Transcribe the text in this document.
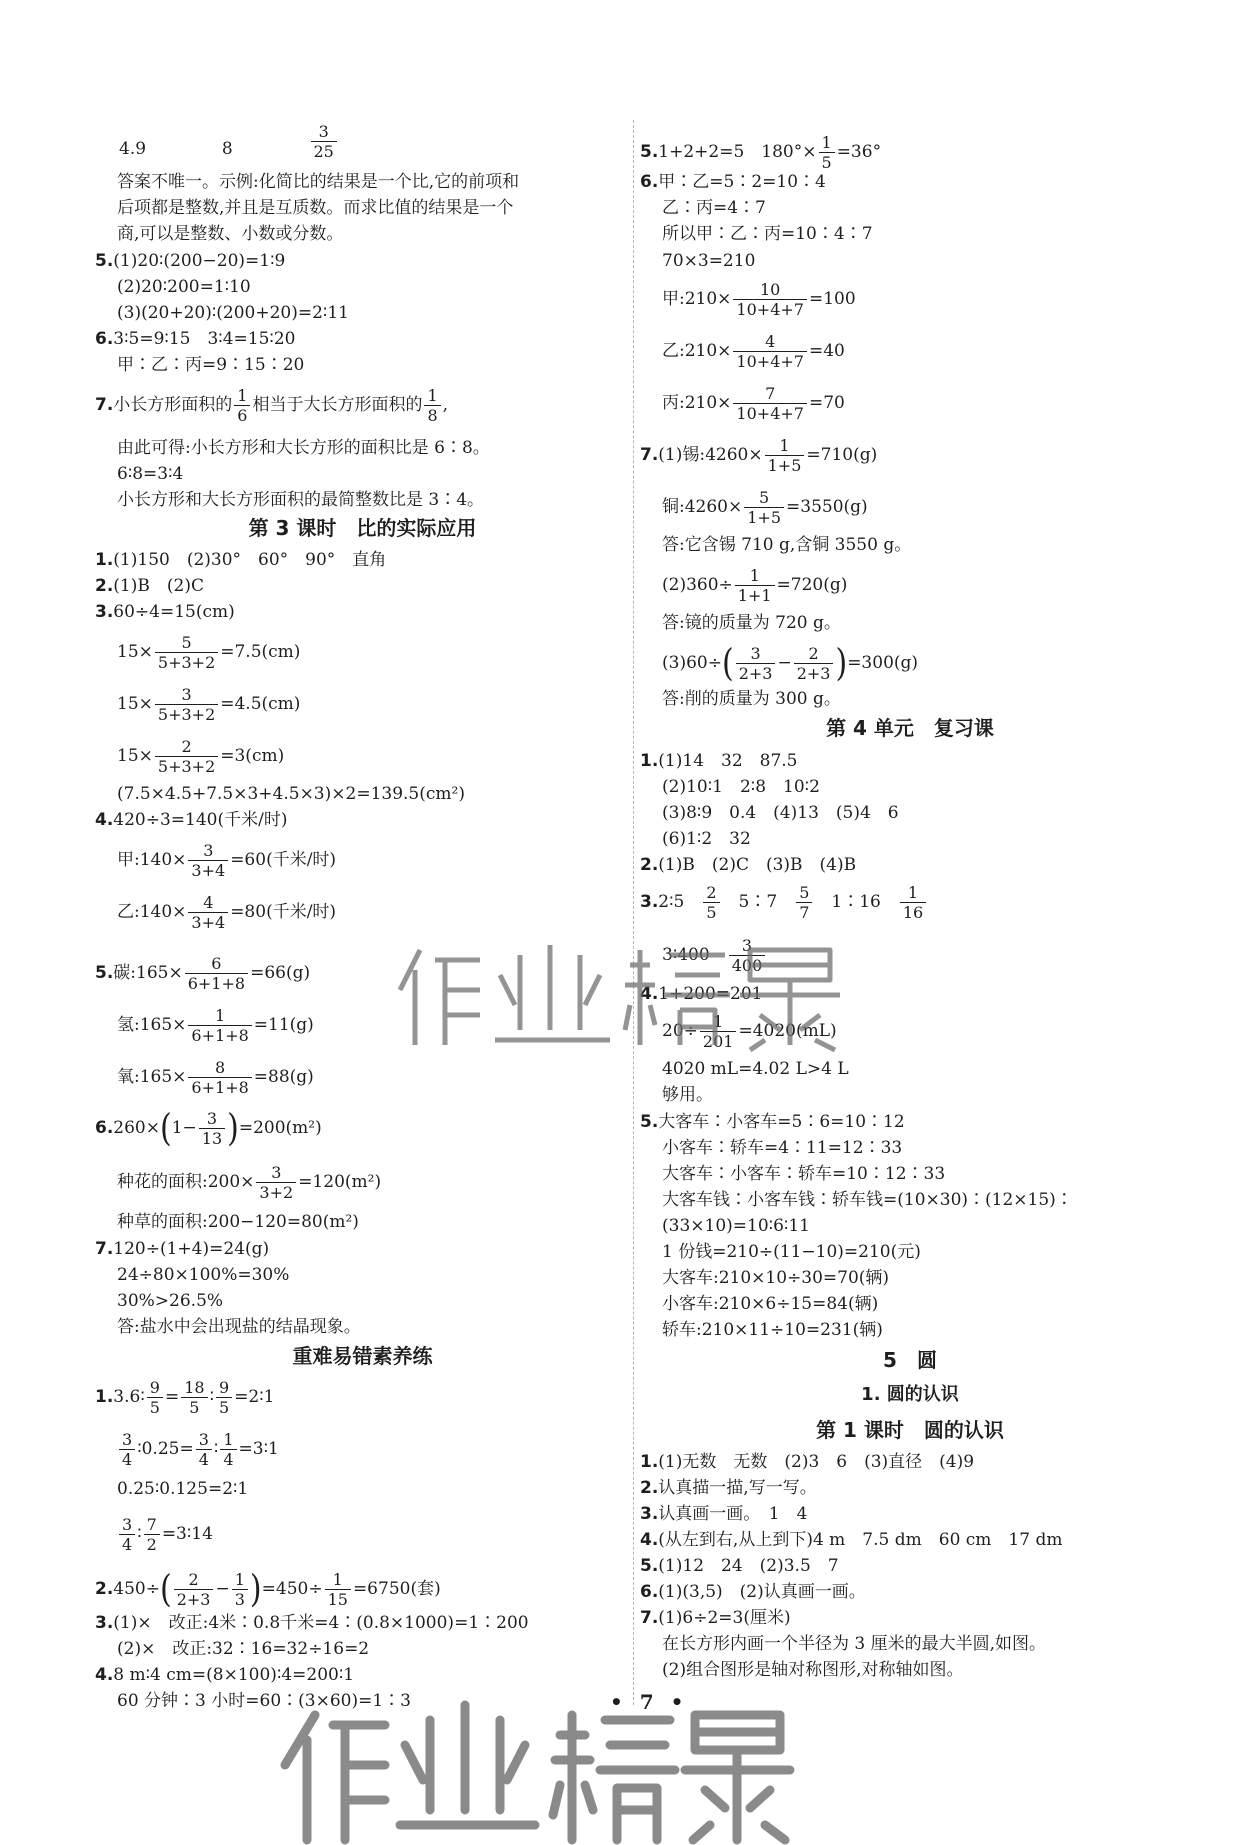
4.9	8	$\frac{3}{25}$
答案不唯一。示例:化简比的结果是一个比,它的前项和
后项都是整数,并且是互质数。而求比值的结果是一个
商,可以是整数、小数或分数。
5.(1)20∶(200−20)=1∶9
(2)20∶200=1∶10
(3)(20+20)∶(200+20)=2∶11
6.3∶5=9∶15　3∶4=15∶20
甲∶乙∶丙=9∶15∶20
7.小长方形面积的 $\frac{1}{6}$ 相当于大长方形面积的 $\frac{1}{8}$ ,
由此可得:小长方形和大长方形的面积比是 6∶8。
6∶8=3∶4
小长方形和大长方形面积的最简整数比是 3∶4。
第 3 课时　比的实际应用
1.(1)150　(2)30°　60°　90°　直角
2.(1)B　(2)C
3.60÷4=15(cm)
$15\times \frac{5}{5+3+2} =7.5(cm)$
$15\times \frac{3}{5+3+2} =4.5(cm)$
$15\times \frac{2}{5+3+2} =3(cm)$
(7.5×4.5+7.5×3+4.5×3)×2=139.5(cm²)
4.420÷3=140(千米/时)
甲:140× $\frac{3}{3+4} =60$(千米/时)
乙:140× $\frac{4}{3+4} =80$(千米/时)
5.碳:165× $\frac{6}{6+1+8} =66(g)$
氢:165× $\frac{1}{6+1+8} =11(g)$
氧:165× $\frac{8}{6+1+8} =88(g)$
$6.260\times(1- \frac{3}{13} )=200(m^2)$
种花的面积:200× $\frac{3}{3+2} =120(m^2)$
种草的面积:200−120=80(m²)
7.120÷(1+4)=24(g)
24÷80×100%=30%
30%>26.5%
答:盐水中会出现盐的结晶现象。
重难易错素养练
1.3.6∶ $\frac{9}{5} = \frac{18}{5}$ ∶ $\frac{9}{5}$ =2∶1
$\frac{3}{4}$ ∶0.25= $\frac{3}{4}$ ∶ $\frac{1}{4}$ =3∶1
0.25∶0.125=2∶1
$\frac{3}{4}$ ∶ $\frac{7}{2}$ =3∶14
$2.450\div( \frac{2}{2+3} - \frac{1}{3} )=450\div \frac{1}{15} =6750$(套)
3.(1)×　改正:4米∶0.8千米=4∶(0.8×1000)=1∶200
(2)×　改正:32∶16=32÷16=2
4.8 m∶4 cm=(8×100)∶4=200∶1
60 分钟∶3 小时=60∶(3×60)=1∶3
5.1+2+2=5　$180^\circ\times \frac{1}{5} =36^\circ$
6.甲∶乙=5∶2=10∶4
乙∶丙=4∶7
所以甲∶乙∶丙=10∶4∶7
70×3=210
甲:210× $\frac{10}{10+4+7} =100$
乙:210× $\frac{4}{10+4+7} =40$
丙:210× $\frac{7}{10+4+7} =70$
7.(1)锡:4260× $\frac{1}{1+5} =710(g)$
铜:4260× $\frac{5}{1+5} =3550(g)$
答:它含锡 710 g,含铜 3550 g。
$(2)360\div \frac{1}{1+1} =720(g)$
答:镜的质量为 720 g。
$(3)60\div( \frac{3}{2+3} - \frac{2}{2+3} )=300(g)$
答:削的质量为 300 g。
第 4 单元　复习课
1.(1)14　32　87.5
(2)10∶1　2∶8　10∶2
(3)8∶9　0.4　(4)13　(5)4　6
(6)1∶2　32
2.(1)B　(2)C　(3)B　(4)B
3.2∶5　 $\frac{2}{5}$
　 5∶7　 $\frac{5}{7}$
　 1∶16　 $\frac{1}{16}$
3∶400　 $\frac{3}{400}$
4.1+200=201
$20\div \frac{1}{201} =4020(mL)$
4020 mL=4.02 L>4 L
够用。
5.大客车∶小客车=5∶6=10∶12
小客车∶轿车=4∶11=12∶33
大客车∶小客车∶轿车=10∶12∶33
大客车钱∶小客车钱∶轿车钱=(10×30)∶(12×15)∶
(33×10)=10∶6∶11
1 份钱=210÷(11−10)=210(元)
大客车:210×10÷30=70(辆)
小客车:210×6÷15=84(辆)
轿车:210×11÷10=231(辆)
5　圆
1. 圆的认识
第 1 课时　圆的认识
1.(1)无数　无数　(2)3　6　(3)直径　(4)9
2.认真描一描,写一写。
3.认真画一画。　1　4
4.(从左到右,从上到下)4 m　7.5 dm　60 cm　17 dm
5.(1)12　24　(2)3.5　7
6.(1)(3,5)　(2)认真画一画。
7.(1)6÷2=3(厘米)
在长方形内画一个半径为 3 厘米的最大半圆,如图。
(2)组合图形是轴对称图形,对称轴如图。
• 7 •
